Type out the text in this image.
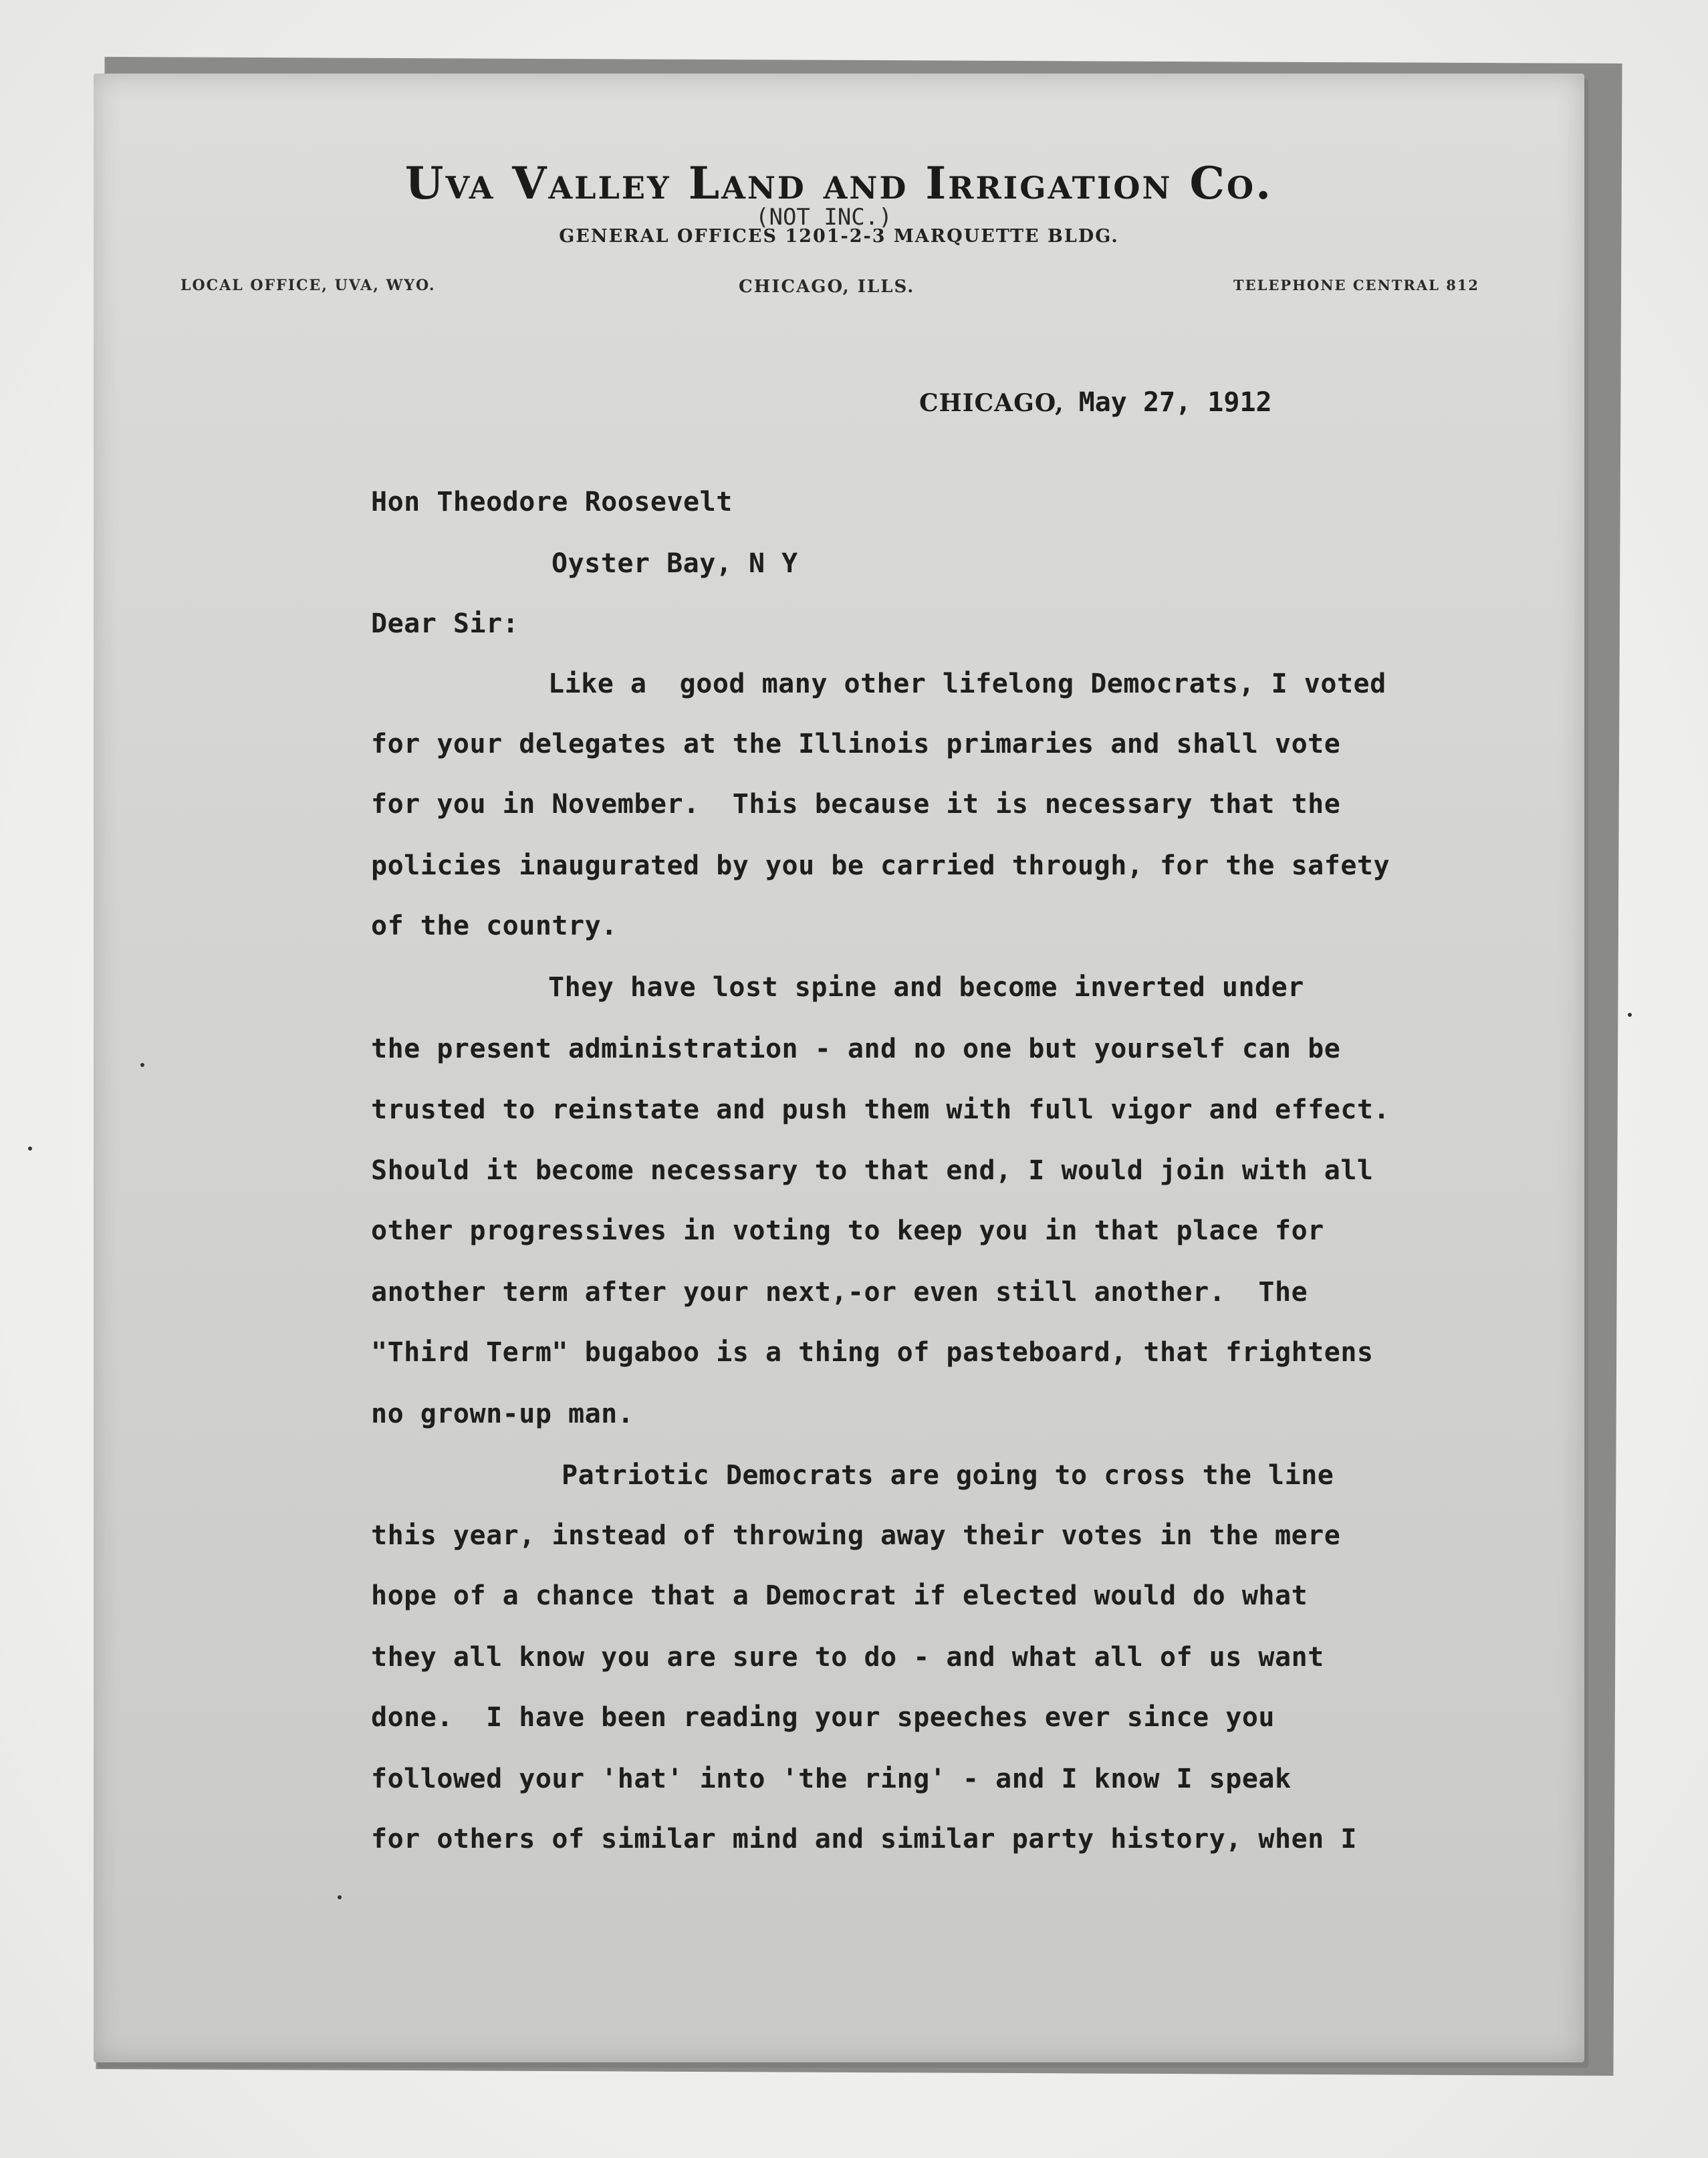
Uva Valley Land and Irrigation Co.
GENERAL OFFICES 1201-2-3 MARQUETTE BLDG.
(NOT INC.)
LOCAL OFFICE, UVA, WYO.	CHICAGO, ILLS.	TELEPHONE CENTRAL 812
CHICAGO, May 27, 1912
Hon Theodore Roosevelt
Oyster Bay, N Y
Dear Sir:
Like a  good many other lifelong Democrats, I voted
for your delegates at the Illinois primaries and shall vote
for you in November.  This because it is necessary that the
policies inaugurated by you be carried through, for the safety
of the country.
They have lost spine and become inverted under
the present administration - and no one but yourself can be
trusted to reinstate and push them with full vigor and effect.
Should it become necessary to that end, I would join with all
other progressives in voting to keep you in that place for
another term after your next,-or even still another.  The
"Third Term" bugaboo is a thing of pasteboard, that frightens
no grown-up man.
Patriotic Democrats are going to cross the line
this year, instead of throwing away their votes in the mere
hope of a chance that a Democrat if elected would do what
they all know you are sure to do - and what all of us want
done.  I have been reading your speeches ever since you
followed your 'hat' into 'the ring' - and I know I speak
for others of similar mind and similar party history, when I
